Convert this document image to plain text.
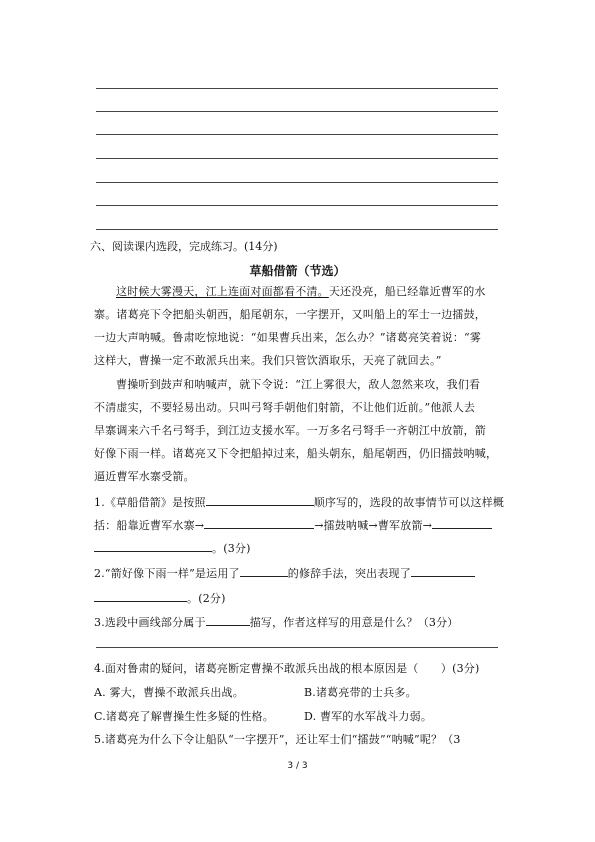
六、阅读课内选段，完成练习。(14分)
草船借箭（节选）
这时候大雾漫天，江上连面对面都看不清。天还没亮，船已经靠近曹军的水
寨。诸葛亮下令把船头朝西，船尾朝东，一字摆开，又叫船上的军士一边擂鼓，
一边大声呐喊。鲁肃吃惊地说：“如果曹兵出来，怎么办？”诸葛亮笑着说：“雾
这样大，曹操一定不敢派兵出来。我们只管饮酒取乐，天亮了就回去。”
曹操听到鼓声和呐喊声，就下令说：“江上雾很大，敌人忽然来攻，我们看
不清虚实，不要轻易出动。只叫弓弩手朝他们射箭，不让他们近前。”他派人去
旱寨调来六千名弓弩手，到江边支援水军。一万多名弓弩手一齐朝江中放箭，箭
好像下雨一样。诸葛亮又下令把船掉过来，船头朝东，船尾朝西，仍旧擂鼓呐喊，
逼近曹军水寨受箭。
1.《草船借箭》是按照	顺序写的，选段的故事情节可以这样概
括：船靠近曹军水寨→	→擂鼓呐喊→曹军放箭→
。(3分)
2.“箭好像下雨一样”是运用了	的修辞手法，突出表现了
。(2分)
3.选段中画线部分属于	描写，作者这样写的用意是什么？（3分）
4.面对鲁肃的疑问，诸葛亮断定曹操不敢派兵出战的根本原因是（　　）(3分)
A. 雾大，曹操不敢派兵出战。	B.诸葛亮带的士兵多。
C.诸葛亮了解曹操生性多疑的性格。	D. 曹军的水军战斗力弱。
5.诸葛亮为什么下令让船队“一字摆开”，还让军士们“擂鼓”“呐喊”呢？（3
3 / 3
